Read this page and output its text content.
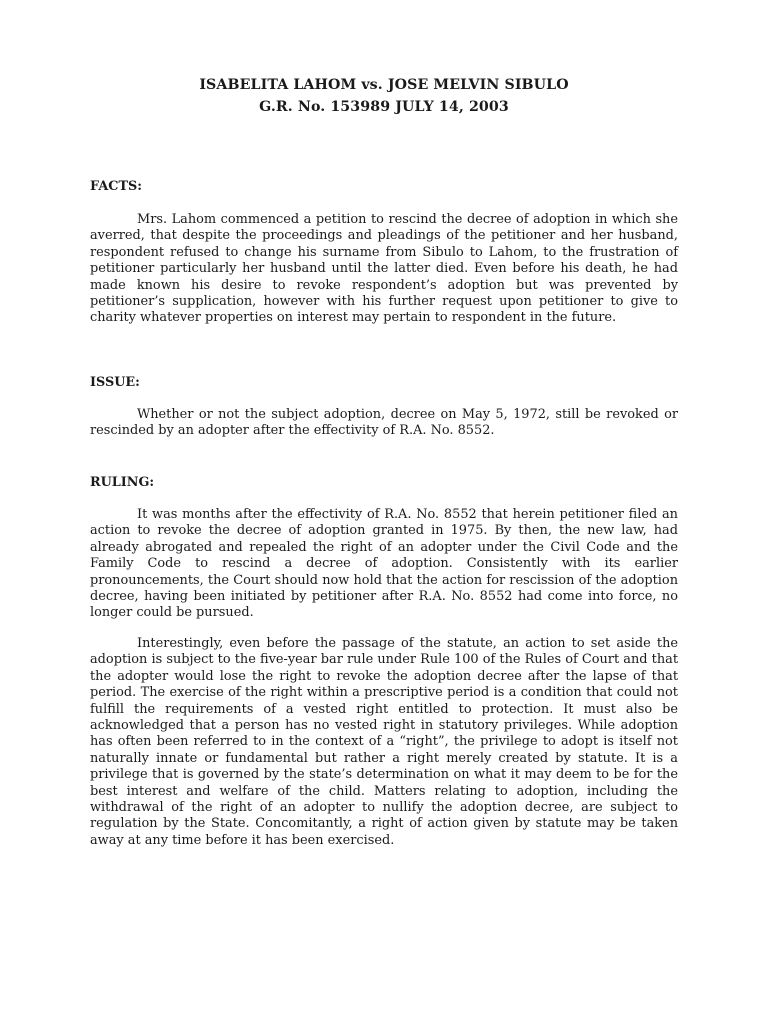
ISABELITA LAHOM vs. JOSE MELVIN SIBULO

G.R. No. 153989 JULY 14, 2003

FACTS:

Mrs. Lahom commenced a petition to rescind the decree of adoption in which she averred, that despite the proceedings and pleadings of the petitioner and her husband, respondent refused to change his surname from Sibulo to Lahom, to the frustration of petitioner particularly her husband until the latter died. Even before his death, he had made known his desire to revoke respondent’s adoption but was prevented by petitioner’s supplication, however with his further request upon petitioner to give to charity whatever properties on interest may pertain to respondent in the future.

ISSUE:

Whether or not the subject adoption, decree on May 5, 1972, still be revoked or rescinded by an adopter after the effectivity of R.A. No. 8552.

RULING:

It was months after the effectivity of R.A. No. 8552 that herein petitioner filed an action to revoke the decree of adoption granted in 1975. By then, the new law, had already abrogated and repealed the right of an adopter under the Civil Code and the Family Code to rescind a decree of adoption. Consistently with its earlier pronouncements, the Court should now hold that the action for rescission of the adoption decree, having been initiated by petitioner after R.A. No. 8552 had come into force, no longer could be pursued.

Interestingly, even before the passage of the statute, an action to set aside the adoption is subject to the five-year bar rule under Rule 100 of the Rules of Court and that the adopter would lose the right to revoke the adoption decree after the lapse of that period. The exercise of the right within a prescriptive period is a condition that could not fulfill the requirements of a vested right entitled to protection. It must also be acknowledged that a person has no vested right in statutory privileges. While adoption has often been referred to in the context of a “right”, the privilege to adopt is itself not naturally innate or fundamental but rather a right merely created by statute. It is a privilege that is governed by the state’s determination on what it may deem to be for the best interest and welfare of the child. Matters relating to adoption, including the withdrawal of the right of an adopter to nullify the adoption decree, are subject to regulation by the State. Concomitantly, a right of action given by statute may be taken away at any time before it has been exercised.
